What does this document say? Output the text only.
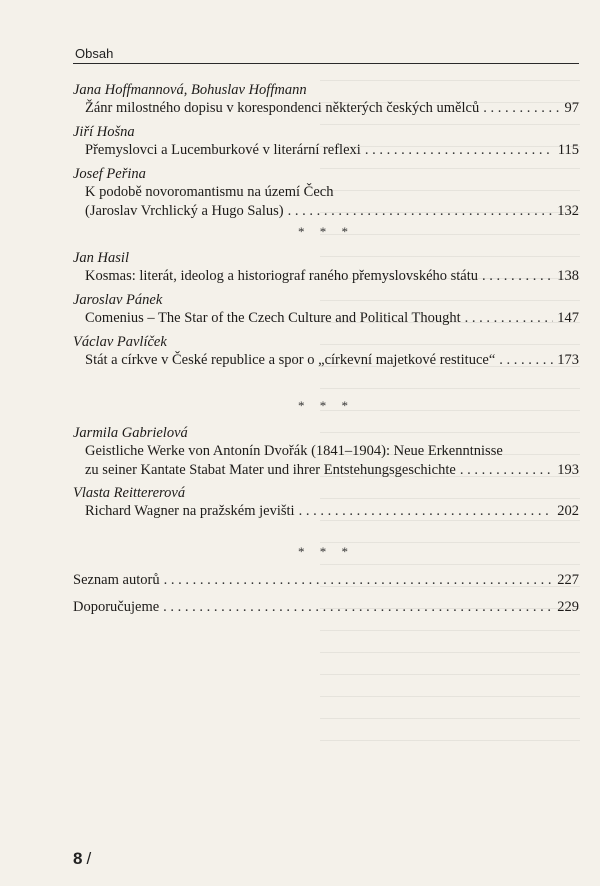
Obsah
Jana Hoffmannová, Bohuslav Hoffmann
Žánr milostného dopisu v korespondenci některých českých umělců . . .	97
Jiří Hošna
Přemyslovci a Lucemburkové v literární reflexi . . .	115
Josef Peřina
K podobě novoromantismu na území Čech
(Jaroslav Vrchlický a Hugo Salus) . . .	132
* * *
Jan Hasil
Kosmas: literát, ideolog a historiograf raného přemyslovského státu . . .	138
Jaroslav Pánek
Comenius – The Star of the Czech Culture and Political Thought . . .	147
Václav Pavlíček
Stát a církve v České republice a spor o „církevní majetkové restituce“ . . .	173
* * *
Jarmila Gabrielová
Geistliche Werke von Antonín Dvořák (1841–1904): Neue Erkenntnisse
zu seiner Kantate Stabat Mater und ihrer Entstehungsgeschichte . . .	193
Vlasta Reittererová
Richard Wagner na pražském jevišti . . .	202
* * *
Seznam autorů . . .	227
Doporučujeme . . .	229
8 /
